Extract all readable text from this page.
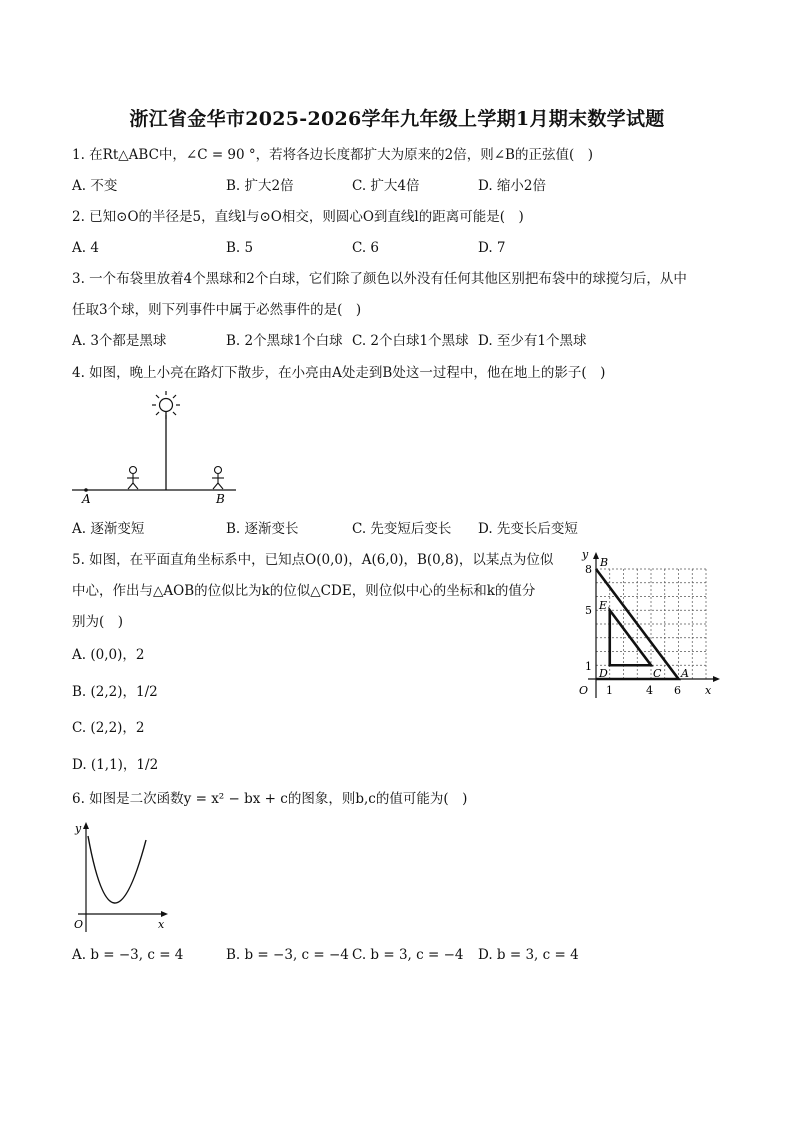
浙江省金华市2025-2026学年九年级上学期1月期末数学试题
1. 在Rt△ABC中，∠C = 90 °，若将各边长度都扩大为原来的2倍，则∠B的正弦值(　)
A. 不变	B. 扩大2倍	C. 扩大4倍	D. 缩小2倍
2. 已知⊙O的半径是5，直线l与⊙O相交，则圆心O到直线l的距离可能是(　)
A. 4	B. 5	C. 6	D. 7
3. 一个布袋里放着4个黑球和2个白球，它们除了颜色以外没有任何其他区别把布袋中的球搅匀后，从中
任取3个球，则下列事件中属于必然事件的是(　)
A. 3个都是黑球	B. 2个黑球1个白球 C. 2个白球1个黑球 D. 至少有1个黑球
4. 如图，晚上小亮在路灯下散步，在小亮由A处走到B处这一过程中，他在地上的影子(　)
A	B
A. 逐渐变短	B. 逐渐变长	C. 先变短后变长 D. 先变长后变短
5. 如图，在平面直角坐标系中，已知点O(0,0)，A(6,0)，B(0,8)，以某点为位似
中心，作出与△AOB的位似比为k的位似△CDE，则位似中心的坐标和k的值分
别为(　)
A. (0,0)，2
B. (2,2)，1/2
C. (2,2)，2
D. (1,1)，1/2
y
x
O 1	4 6
1
5
8
B
E
D	C A
6. 如图是二次函数y = x² − bx + c的图象，则b,c的值可能为(　)
y
x
O
A. b = −3, c = 4	B. b = −3, c = −4 C. b = 3, c = −4 D. b = 3, c = 4
